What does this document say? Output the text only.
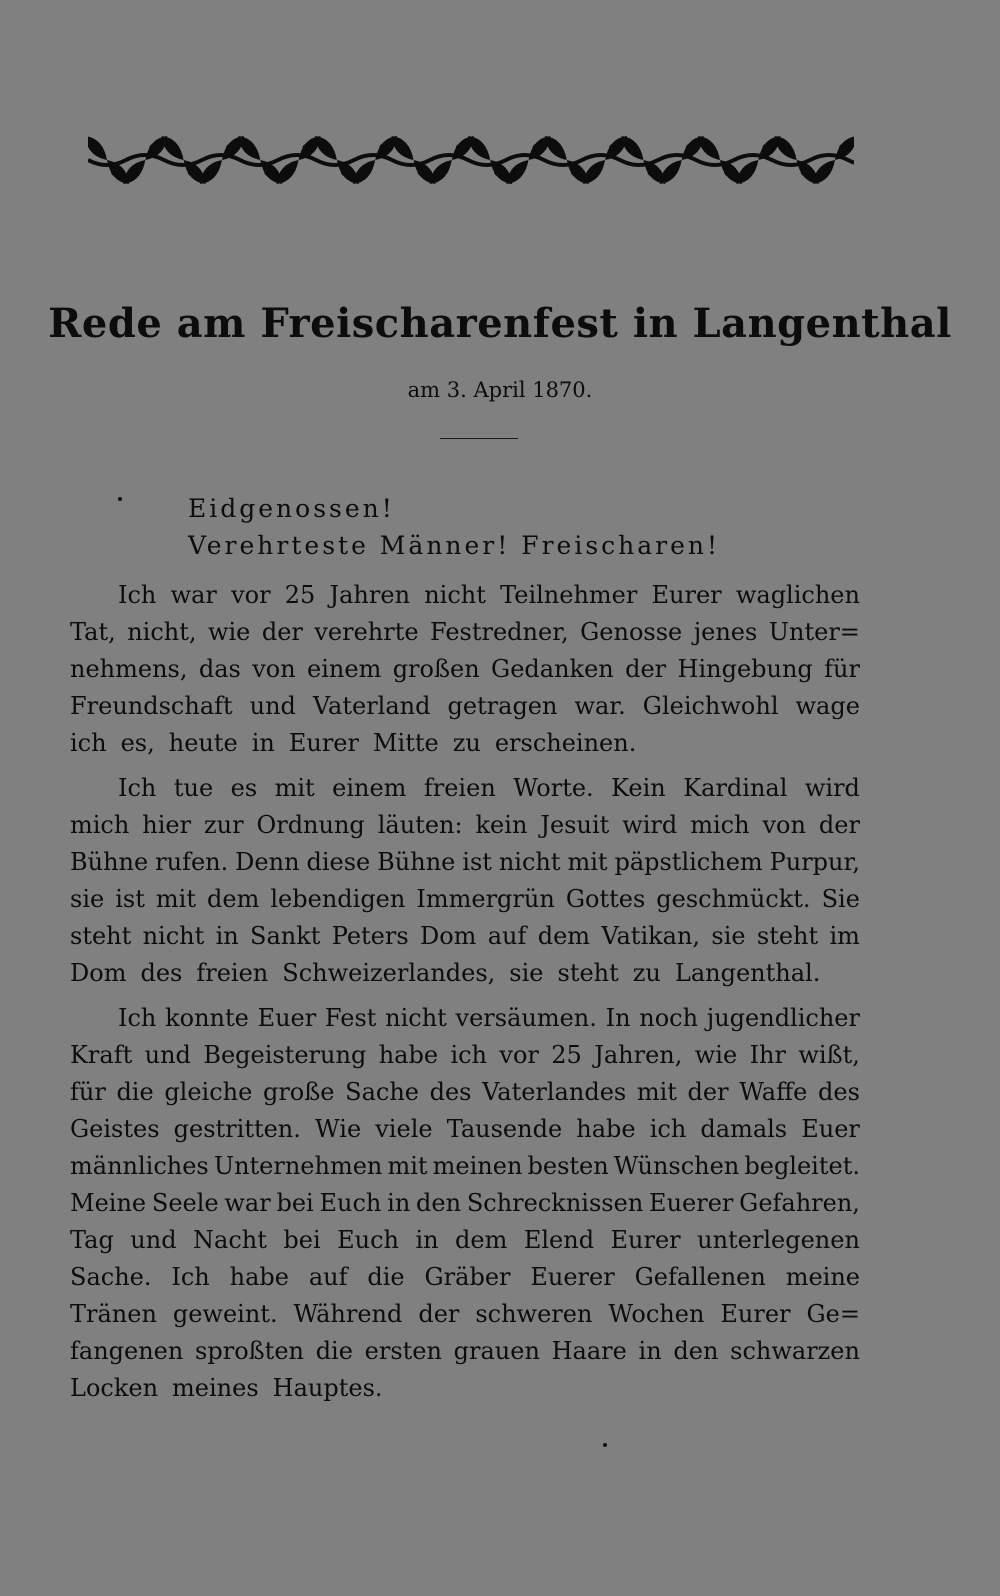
Rede am Freischarenfest in Langenthal
am 3. April 1870.
Eidgenossen!
Verehrteste Männer! Freischaren!
Ich war vor 25 Jahren nicht Teilnehmer Eurer waglichen
Tat, nicht, wie der verehrte Festredner, Genosse jenes Unter=
nehmens, das von einem großen Gedanken der Hingebung für
Freundschaft und Vaterland getragen war. Gleichwohl wage
ich es, heute in Eurer Mitte zu erscheinen.
Ich tue es mit einem freien Worte. Kein Kardinal wird
mich hier zur Ordnung läuten: kein Jesuit wird mich von der
Bühne rufen. Denn diese Bühne ist nicht mit päpstlichem Purpur,
sie ist mit dem lebendigen Immergrün Gottes geschmückt. Sie
steht nicht in Sankt Peters Dom auf dem Vatikan, sie steht im
Dom des freien Schweizerlandes, sie steht zu Langenthal.
Ich konnte Euer Fest nicht versäumen. In noch jugendlicher
Kraft und Begeisterung habe ich vor 25 Jahren, wie Ihr wißt,
für die gleiche große Sache des Vaterlandes mit der Waffe des
Geistes gestritten. Wie viele Tausende habe ich damals Euer
männliches Unternehmen mit meinen besten Wünschen begleitet.
Meine Seele war bei Euch in den Schrecknissen Euerer Gefahren,
Tag und Nacht bei Euch in dem Elend Eurer unterlegenen
Sache. Ich habe auf die Gräber Euerer Gefallenen meine
Tränen geweint. Während der schweren Wochen Eurer Ge=
fangenen sproßten die ersten grauen Haare in den schwarzen
Locken meines Hauptes.
